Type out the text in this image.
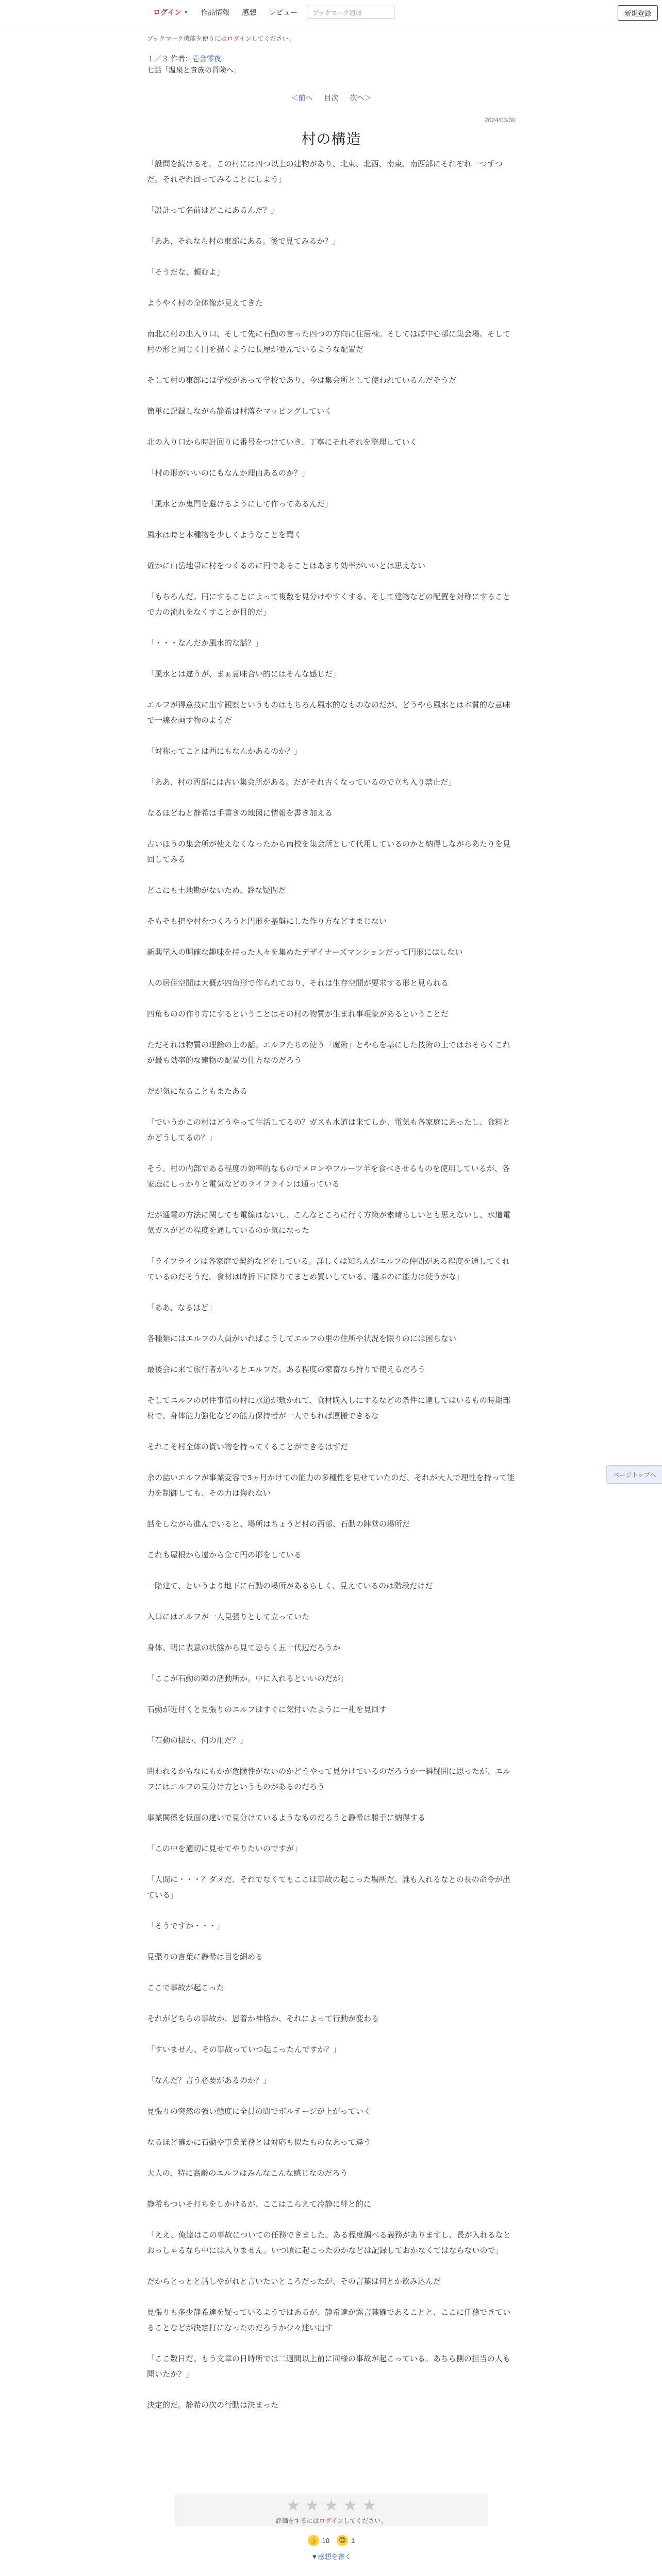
ログイン ▼ 作品情報 感想 レビュー	ブックマーク追加	新規登録
ブックマーク機能を使うにはログインしてください。
１／３ 作者：壱金零夜
七話「温泉と貴族の冒険へ」
＜前へ 目次 次へ＞
2024/03/30
村の構造

「設問を続けるぞ。この村には四つ以上の建物があり、北東、北西、南東、南西部にそれぞれ一つずつだ。それぞれ回ってみることにしよう」

「設計って名前はどこにあるんだ？」

「ああ、それなら村の東部にある。後で見てみるか？」

「そうだな、頼むよ」

ようやく村の全体像が見えてきた

南北に村の出入り口、そして先に石動の言った四つの方向に住居棟。そしてほぼ中心部に集会場。そして村の形と同じく円を描くように長屋が並んでいるような配置だ

そして村の東部には学校があって学校であり、今は集会所として使われているんだそうだ

簡単に記録しながら静希は村落をマッピングしていく

北の入り口から時計回りに番号をつけていき、丁寧にそれぞれを整理していく

「村の形がいいのにもなんか理由あるのか？」

「風水とか鬼門を避けるようにして作ってあるんだ」

風水は時と本種物を少しくようなことを聞く

確かに山岳地帯に村をつくるのに円であることはあまり効率がいいとは思えない

「もちろんだ。円にすることによって複数を見分けやすくする。そして建物などの配置を対称にすることで力の流れをなくすことが目的だ」

「・・・なんだか風水的な話？」

「風水とは違うが、まぁ意味合い的にはそんな感じだ」

エルフが得意技に出す観察というものはもちろん風水的なものなのだが、どうやら風水とは本質的な意味で一線を画す物のようだ

「対称ってことは西にもなんかあるのか？」

「ああ、村の西部には古い集会所がある。だがそれ古くなっているので立ち入り禁止だ」

なるほどねと静希は手書きの地図に情報を書き加える

古いほうの集会所が使えなくなったから南校を集会所として代用しているのかと納得しながらあたりを見回してみる

どこにも土地勘がないため、鈴な疑問だ

そもそも把や村をつくろうと円形を基盤にした作り方などすまじない

新興学入の明確な趣味を持った人々を集めたデザイナーズマンションだって円形にはしない

人の居住空間は大概が四角形で作られており、それは生存空間が要求する形と見られる

四角ものの作り方にするということはその村の物質が生まれ事現象があるということだ

ただそれは物質の理論の上の話。エルフたちの使う「魔術」とやらを基にした技術の上ではおそらくこれが最も効率的な建物の配置の仕方なのだろう

だが気になることもまたある

「でいうかこの村はどうやって生活してるの？ガスも水道は来てしか、電気も各家庭にあったし、食料とかどうしてるの？」

そう、村の内部である程度の効率的なものでメロンやフルーツ羊を食べさせるものを使用しているが、各家庭にしっかりと電気などのライフラインは通っている

だが通電の方法に関しても電線はないし、こんなところに行く方策が素晴らしいとも思えないし、水道電気ガスがどの程度を通しているのか気になった

「ライフラインは各家庭で契約などをしている。詳しくは知らんがエルフの仲間がある程度を通してくれているのだそうだ。食材は時折下に降りてまとめ買いしている。選ぶのに能力は使うがな」

「ああ、なるほど」

各種類にはエルフの人員がいればこうしてエルフの里の住所や状況を限りのには困らない

最後会に来て旅行者がいるとエルフだ。ある程度の家畜なら狩りで使えるだろう

そしてエルフの居住事情の村に水道が敷かれて、食材購入しにするなどの条件に達してはいるもの時期部材で、身体能力強化などの能力保持者が一人でもれば運搬できるな

それこそ村全体の貰い物を持ってくることができるはずだ

余の詰いエルフが事業変容で3ヵ月かけての能力の多種性を見せていたのだ、それが大人で理性を持って能力を制御しても、その力は侮れない

話をしながら進んでいると、場所はちょうど村の西部、石動の陣営の場所だ

これも屋根から遠から全て円の形をしている

一階建て、というより地下に石動の場所があるらしく、見えているのは階段だけだ

入口にはエルフが一人見張りとして立っていた

身体、明に表意の状態から見て恐らく五十代辺だろうか

「ここが石動の陣の活動所か。中に入れるといいのだが」

石動が近付くと見張りのエルフはすぐに気付いたように一礼を見回す

「石動の様か、何の用だ？」

問われるかもなにもかが危険性がないのかどうやって見分けているのだろうか一瞬疑問に思ったが、エルフにはエルフの見分け方というものがあるのだろう

事業関係を仮面の違いで見分けているようなものだろうと静希は勝手に納得する

「この中を適切に見せてやりたいのですが」

「人間に・・・？ダメだ、それでなくてもここは事故の起こった場所だ。誰も入れるなとの長の命令が出ている」

「そうですか・・・」

見張りの言葉に静希は目を細める

ここで事故が起こった

それがどちらの事故か、恩着か神格か、それによって行動が変わる

「すいません、その事故っていつ起こったんですか？」

「なんだ？言う必要があるのか？」

見張りの突然の強い態度に全員の間でボルテージが上がっていく

なるほど確かに石動や事業業務とは対応も似たものなあって違う

大人の、特に高齢のエルフはみんなこんな感じなのだろう

静希もついそ打ちをしかけるが、ここはこらえて冷静に絆と的に

「ええ、俺達はこの事故についての任務できました。ある程度調べる義務がありますし、長が入れるなとおっしゃるなら中には入りません。いつ頃に起こったのかなどは記録しておかなくてはならないので」

だからとっとと話しやがれと言いたいところだったが、その言葉は何とか飲み込んだ

見張りも多少静希達を疑っているようではあるが、静希達が露言葉確であることと、ここに任務できていることなどが決定打になったのだろうか少々迷い出す

「ここ数日だ。もう文章の日時所では二週間以上前に同様の事故が起こっている。あちら側の担当の人も聞いたか？」

決定的だ。静希の次の行動は決まった

★ ★ ★ ★ ★
評価をするにはログインしてください。
👍 10	😊 1
▼感想を書く
ページトップへ
